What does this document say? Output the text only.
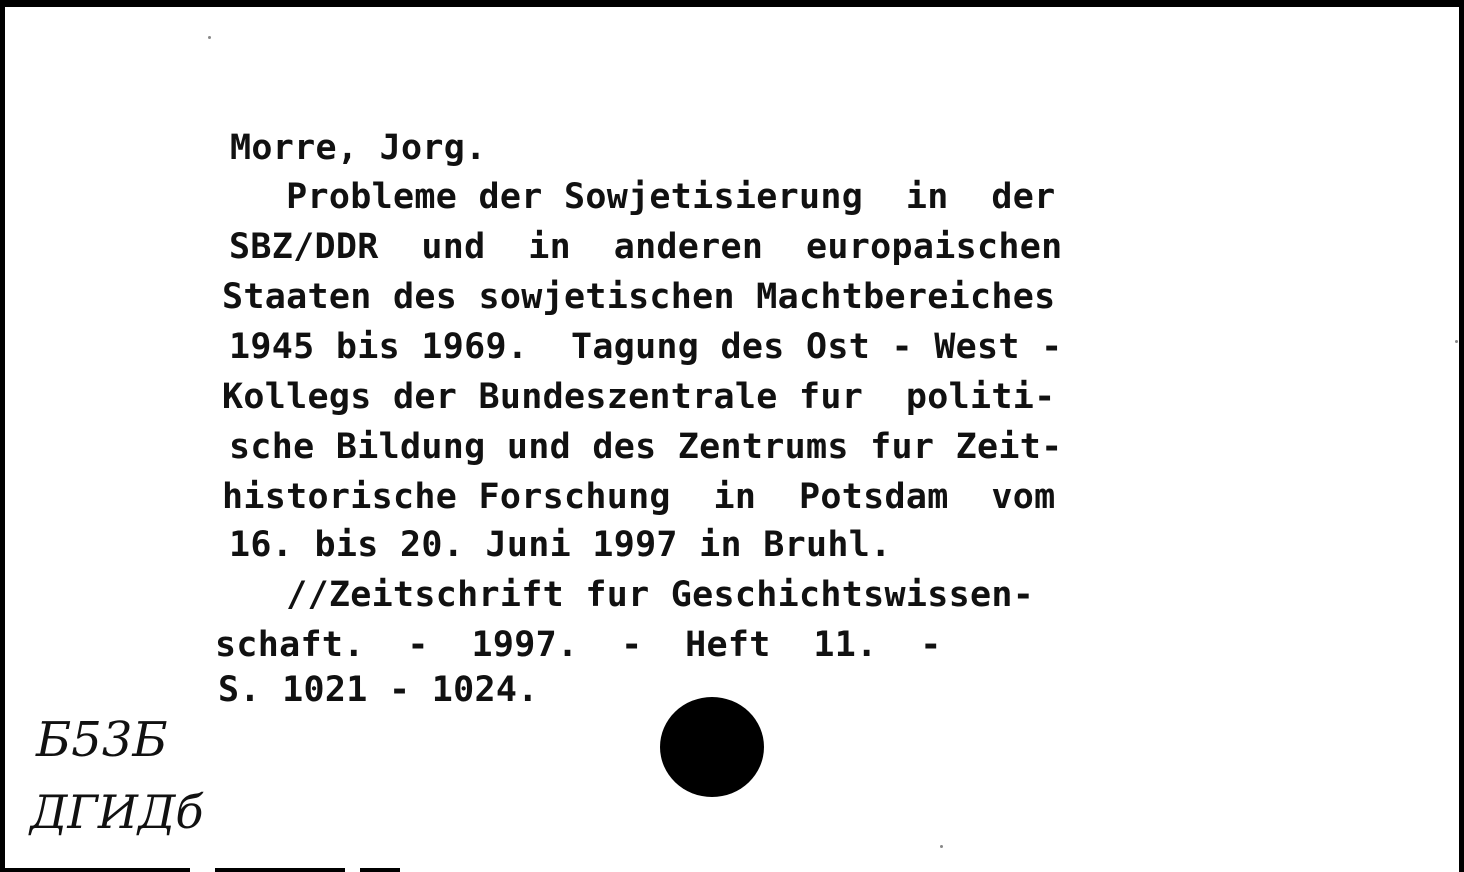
Morre, Jorg.

Probleme der Sowjetisierung  in  der

SBZ/DDR  und  in  anderen  europaischen

Staaten des sowjetischen Machtbereiches

1945 bis 1969.  Tagung des Ost - West -

Kollegs der Bundeszentrale fur  politi-

sche Bildung und des Zentrums fur Zeit-

historische Forschung  in  Potsdam  vom

16. bis 20. Juni 1997 in Bruhl.

//Zeitschrift fur Geschichtswissen-

schaft.  -  1997.  -  Heft  11.  -

S. 1021 - 1024.

Б53Б
ДГИДб
